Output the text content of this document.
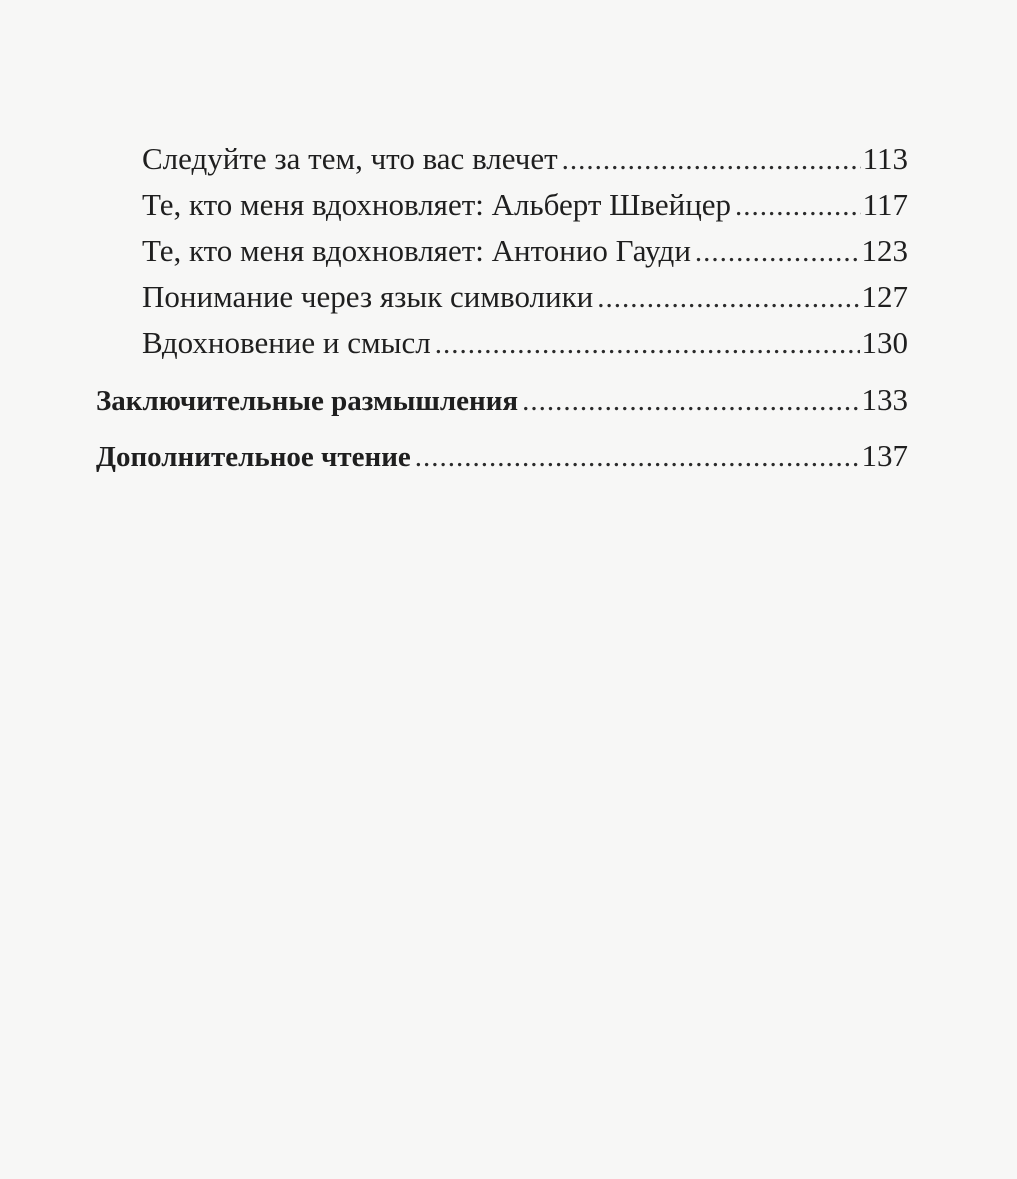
Следуйте за тем, что вас влечет .....	113
Те, кто меня вдохновляет: Альберт Швейцер .....	117
Те, кто меня вдохновляет: Антонио Гауди .....	123
Понимание через язык символики .....	127
Вдохновение и смысл .....	130
Заключительные размышления .....	133
Дополнительное чтение .....	137
